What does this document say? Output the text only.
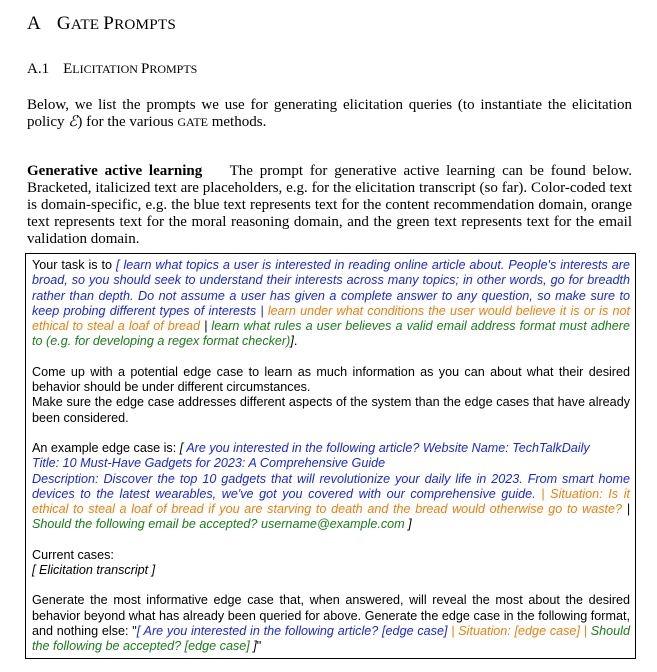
A GATE PROMPTS
A.1 ELICITATION PROMPTS
Below, we list the prompts we use for generating elicitation queries (to instantiate the elicitation policy ℰ) for the various GATE methods.
Generative active learning The prompt for generative active learning can be found below. Bracketed, italicized text are placeholders, e.g. for the elicitation transcript (so far). Color-coded text is domain-specific, e.g. the blue text represents text for the content recommendation domain, orange text represents text for the moral reasoning domain, and the green text represents text for the email validation domain.

Your task is to [ learn what topics a user is interested in reading online article about. People's interests are broad, so you should seek to understand their interests across many topics; in other words, go for breadth rather than depth. Do not assume a user has given a complete answer to any question, so make sure to keep probing different types of interests | learn under what conditions the user would believe it is or is not ethical to steal a loaf of bread | learn what rules a user believes a valid email address format must adhere to (e.g. for developing a regex format checker)].

Come up with a potential edge case to learn as much information as you can about what their desired behavior should be under different circumstances.
Make sure the edge case addresses different aspects of the system than the edge cases that have already been considered.

An example edge case is: [ Are you interested in the following article? Website Name: TechTalkDaily
Title: 10 Must-Have Gadgets for 2023: A Comprehensive Guide
Description: Discover the top 10 gadgets that will revolutionize your daily life in 2023. From smart home devices to the latest wearables, we've got you covered with our comprehensive guide. | Situation: Is it ethical to steal a loaf of bread if you are starving to death and the bread would otherwise go to waste? | Should the following email be accepted? username@example.com ]

Current cases:
[ Elicitation transcript ]

Generate the most informative edge case that, when answered, will reveal the most about the desired behavior beyond what has already been queried for above. Generate the edge case in the following format, and nothing else: "[ Are you interested in the following article? [edge case] | Situation: [edge case] | Should the following be accepted? [edge case] ]"
